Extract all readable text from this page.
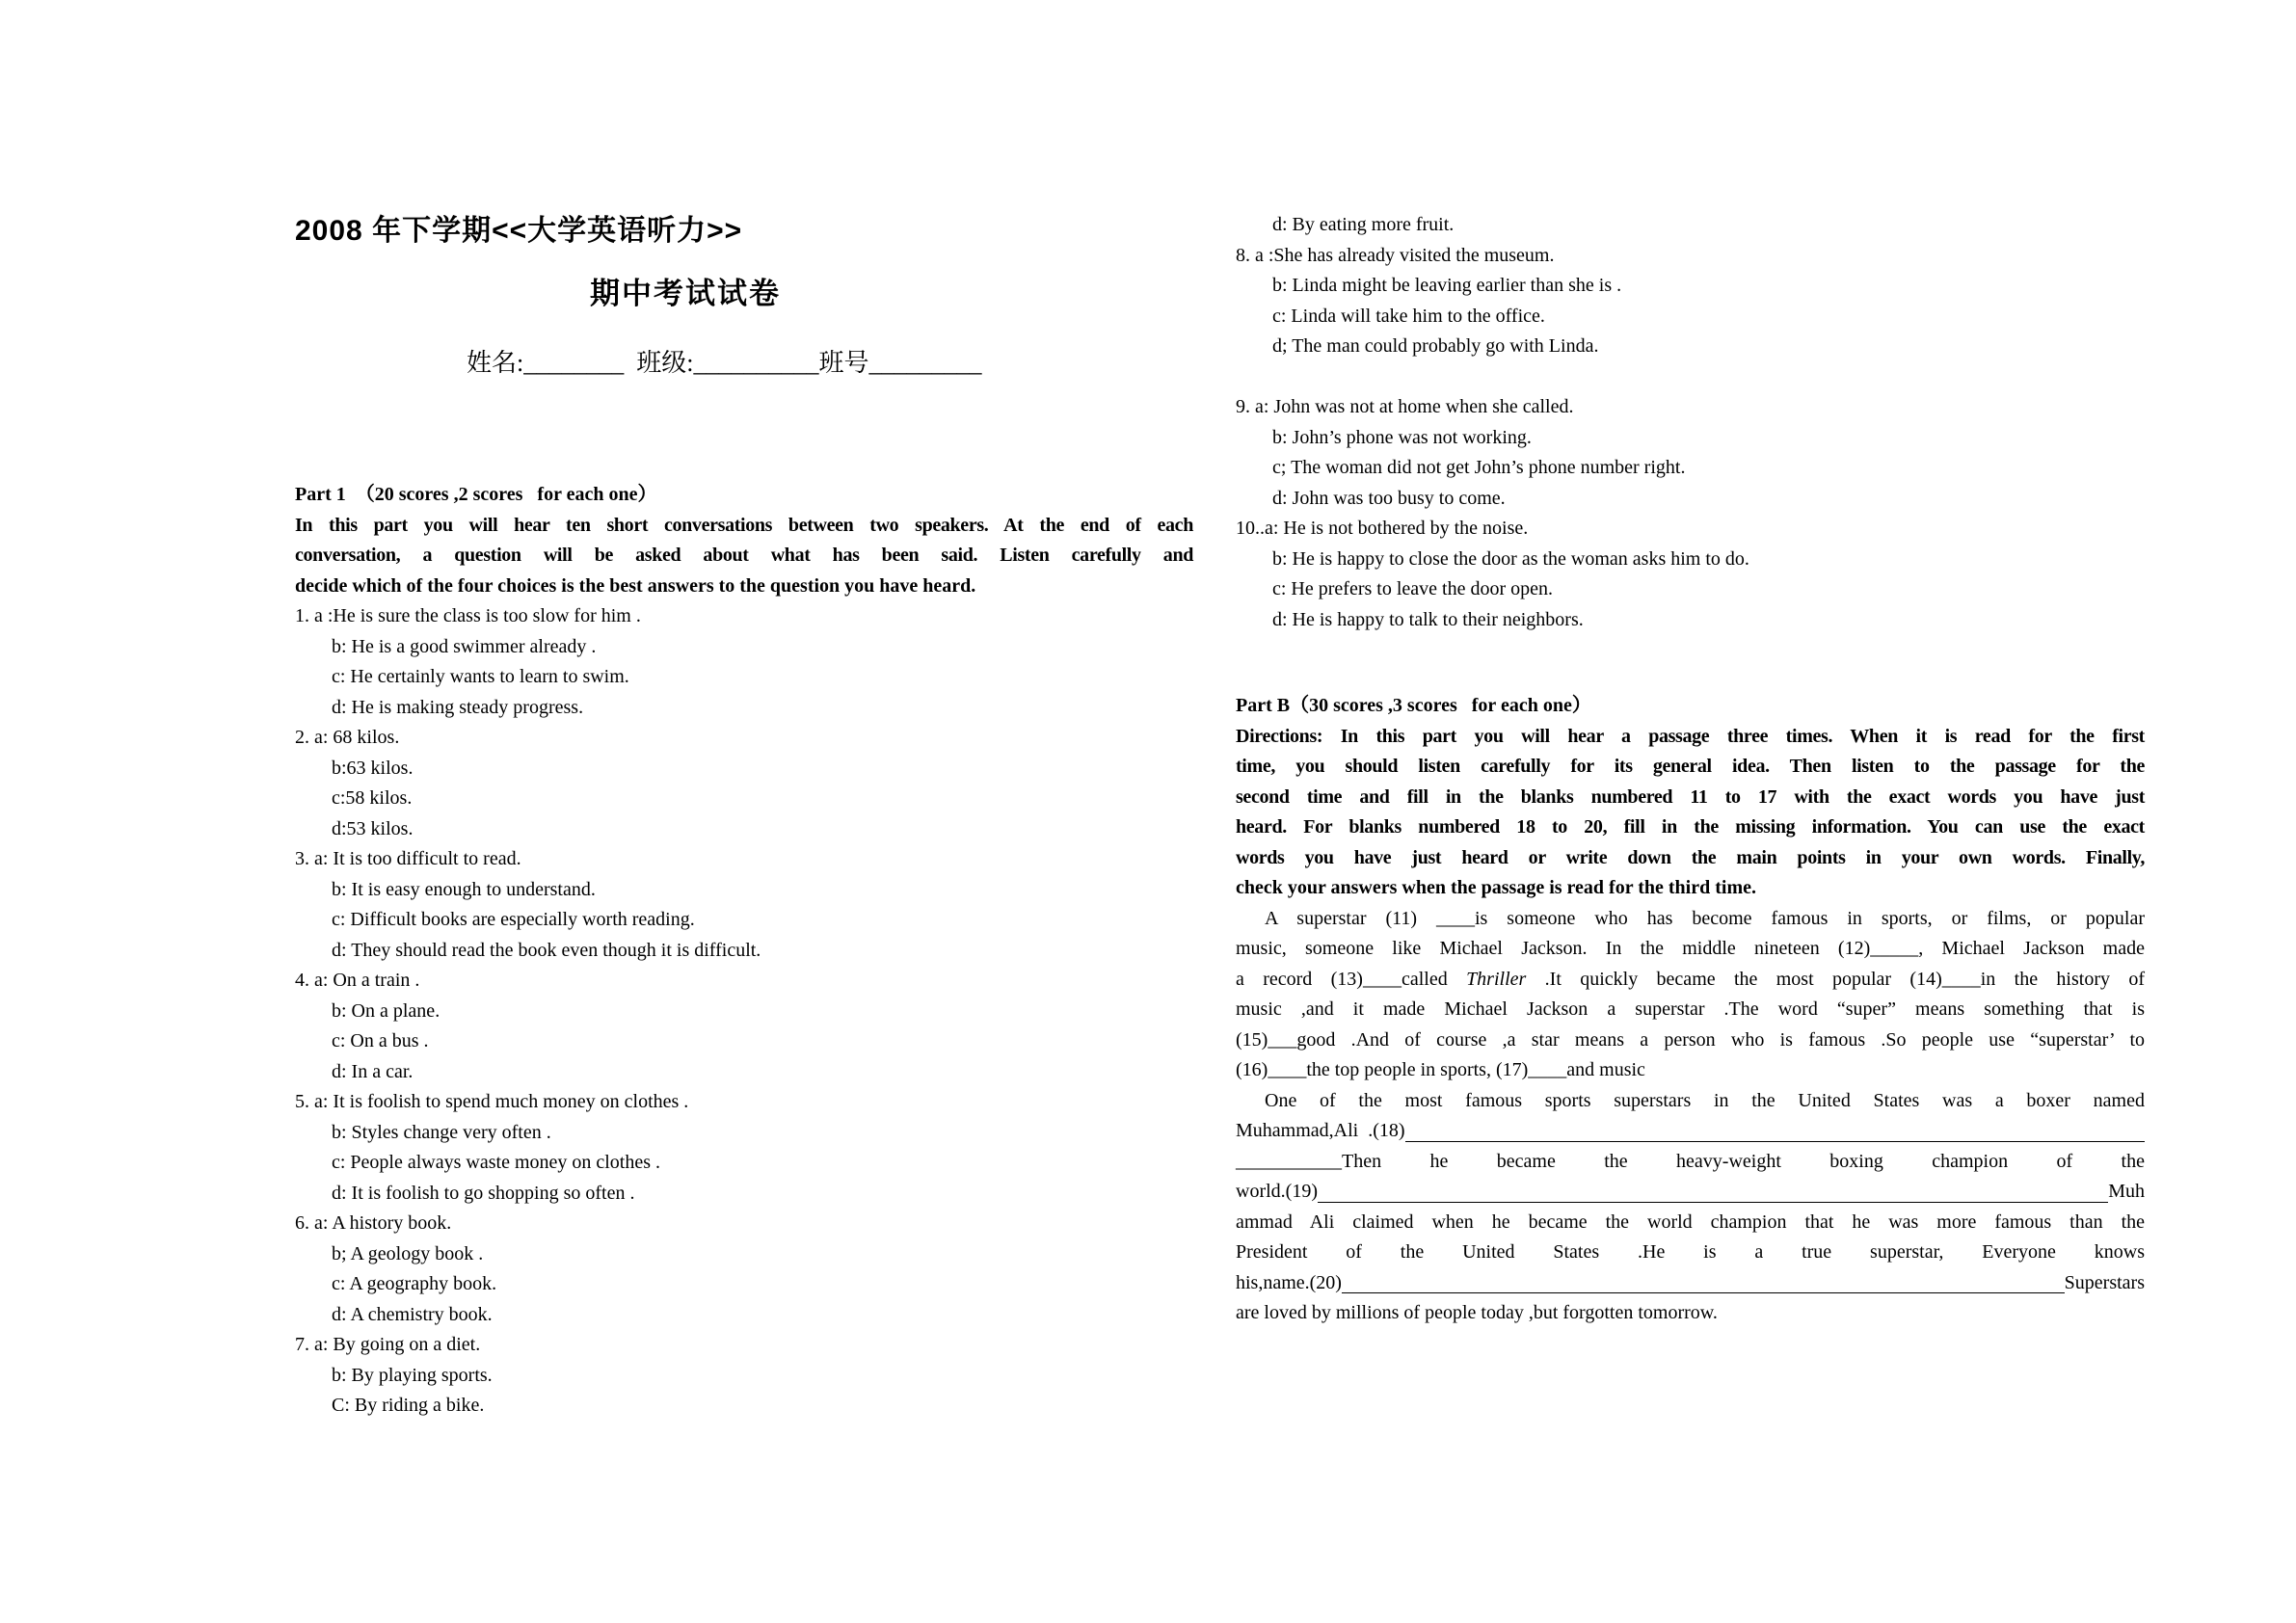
2008 年下学期<<大学英语听力>>
期中考试试卷
姓名:________  班级:__________班号_________
Part 1  （20 scores ,2 scores   for each one）
In this part you will hear ten short conversations between two speakers. At the end of each
conversation, a question will be asked about what has been said. Listen carefully and
decide which of the four choices is the best answers to the question you have heard.
1. a :He is sure the class is too slow for him .
b: He is a good swimmer already .
c: He certainly wants to learn to swim.
d: He is making steady progress.
2. a: 68 kilos.
b:63 kilos.
c:58 kilos.
d:53 kilos.
3. a: It is too difficult to read.
b: It is easy enough to understand.
c: Difficult books are especially worth reading.
d: They should read the book even though it is difficult.
4. a: On a train .
b: On a plane.
c: On a bus .
d: In a car.
5. a: It is foolish to spend much money on clothes .
b: Styles change very often .
c: People always waste money on clothes .
d: It is foolish to go shopping so often .
6. a: A history book.
b; A geology book .
c: A geography book.
d: A chemistry book.
7. a: By going on a diet.
b: By playing sports.
C: By riding a bike.
d: By eating more fruit.
8. a :She has already visited the museum.
b: Linda might be leaving earlier than she is .
c: Linda will take him to the office.
d; The man could probably go with Linda.
9. a: John was not at home when she called.
b: John’s phone was not working.
c; The woman did not get John’s phone number right.
d: John was too busy to come.
10..a: He is not bothered by the noise.
b: He is happy to close the door as the woman asks him to do.
c: He prefers to leave the door open.
d: He is happy to talk to their neighbors.
Part B（30 scores ,3 scores   for each one）
Directions: In this part you will hear a passage three times. When it is read for the first
time, you should listen carefully for its general idea. Then listen to the passage for the
second time and fill in the blanks numbered 11 to 17 with the exact words you have just
heard. For blanks numbered 18 to 20, fill in the missing information. You can use the exact
words you have just heard or write down the main points in your own words. Finally,
check your answers when the passage is read for the third time.
A superstar (11) ____is someone who has become famous in sports, or films, or popular
music, someone like Michael Jackson. In the middle nineteen (12)_____, Michael Jackson made
a record (13)____called Thriller .It quickly became the most popular (14)____in the history of
music ,and it made Michael Jackson a superstar .The word “super” means something that is
(15)___good .And of course ,a star means a person who is famous .So people use “superstar’ to
(16)____the top people in sports, (17)____and music
One of the most famous sports superstars in the United States was a boxer named
Muhammad,Ali  .(18)
___________Then he became the heavy-weight boxing champion of the
world.(19)	Muh
ammad Ali claimed when he became the world champion that he was more famous than the
President of the United States .He is a true superstar, Everyone knows
his,name.(20)	Superstars
are loved by millions of people today ,but forgotten tomorrow.
